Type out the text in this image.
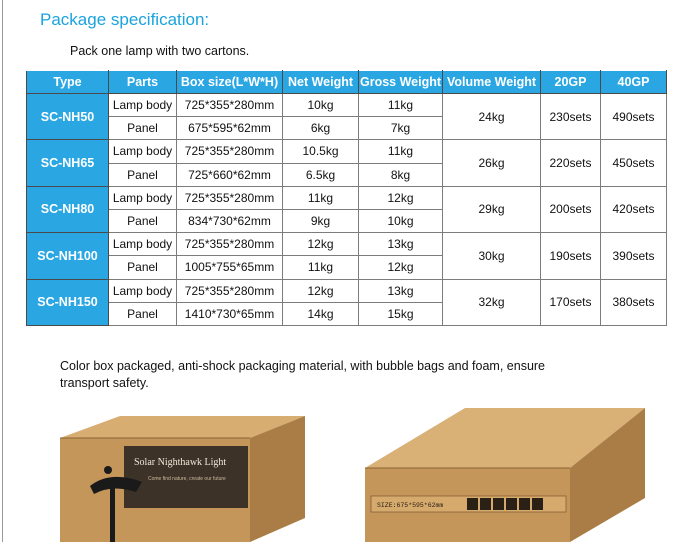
Package specification:
Pack one lamp with two cartons.
Type	Parts	Box size(L*W*H)	Net Weight	Gross Weight	Volume Weight	20GP	40GP
SC-NH50	Lamp body	725*355*280mm	10kg	11kg	24kg	230sets	490sets
	Panel	675*595*62mm	6kg	7kg			
SC-NH65	Lamp body	725*355*280mm	10.5kg	11kg	26kg	220sets	450sets
	Panel	725*660*62mm	6.5kg	8kg			
SC-NH80	Lamp body	725*355*280mm	11kg	12kg	29kg	200sets	420sets
	Panel	834*730*62mm	9kg	10kg			
SC-NH100	Lamp body	725*355*280mm	12kg	13kg	30kg	190sets	390sets
	Panel	1005*755*65mm	11kg	12kg			
SC-NH150	Lamp body	725*355*280mm	12kg	13kg	32kg	170sets	380sets
	Panel	1410*730*65mm	14kg	15kg			
Color box packaged, anti-shock packaging material, with bubble bags and foam, ensure transport safety.
Solar Nighthawk Light
Come find nature, create our future
SIZE:675*595*62mm
